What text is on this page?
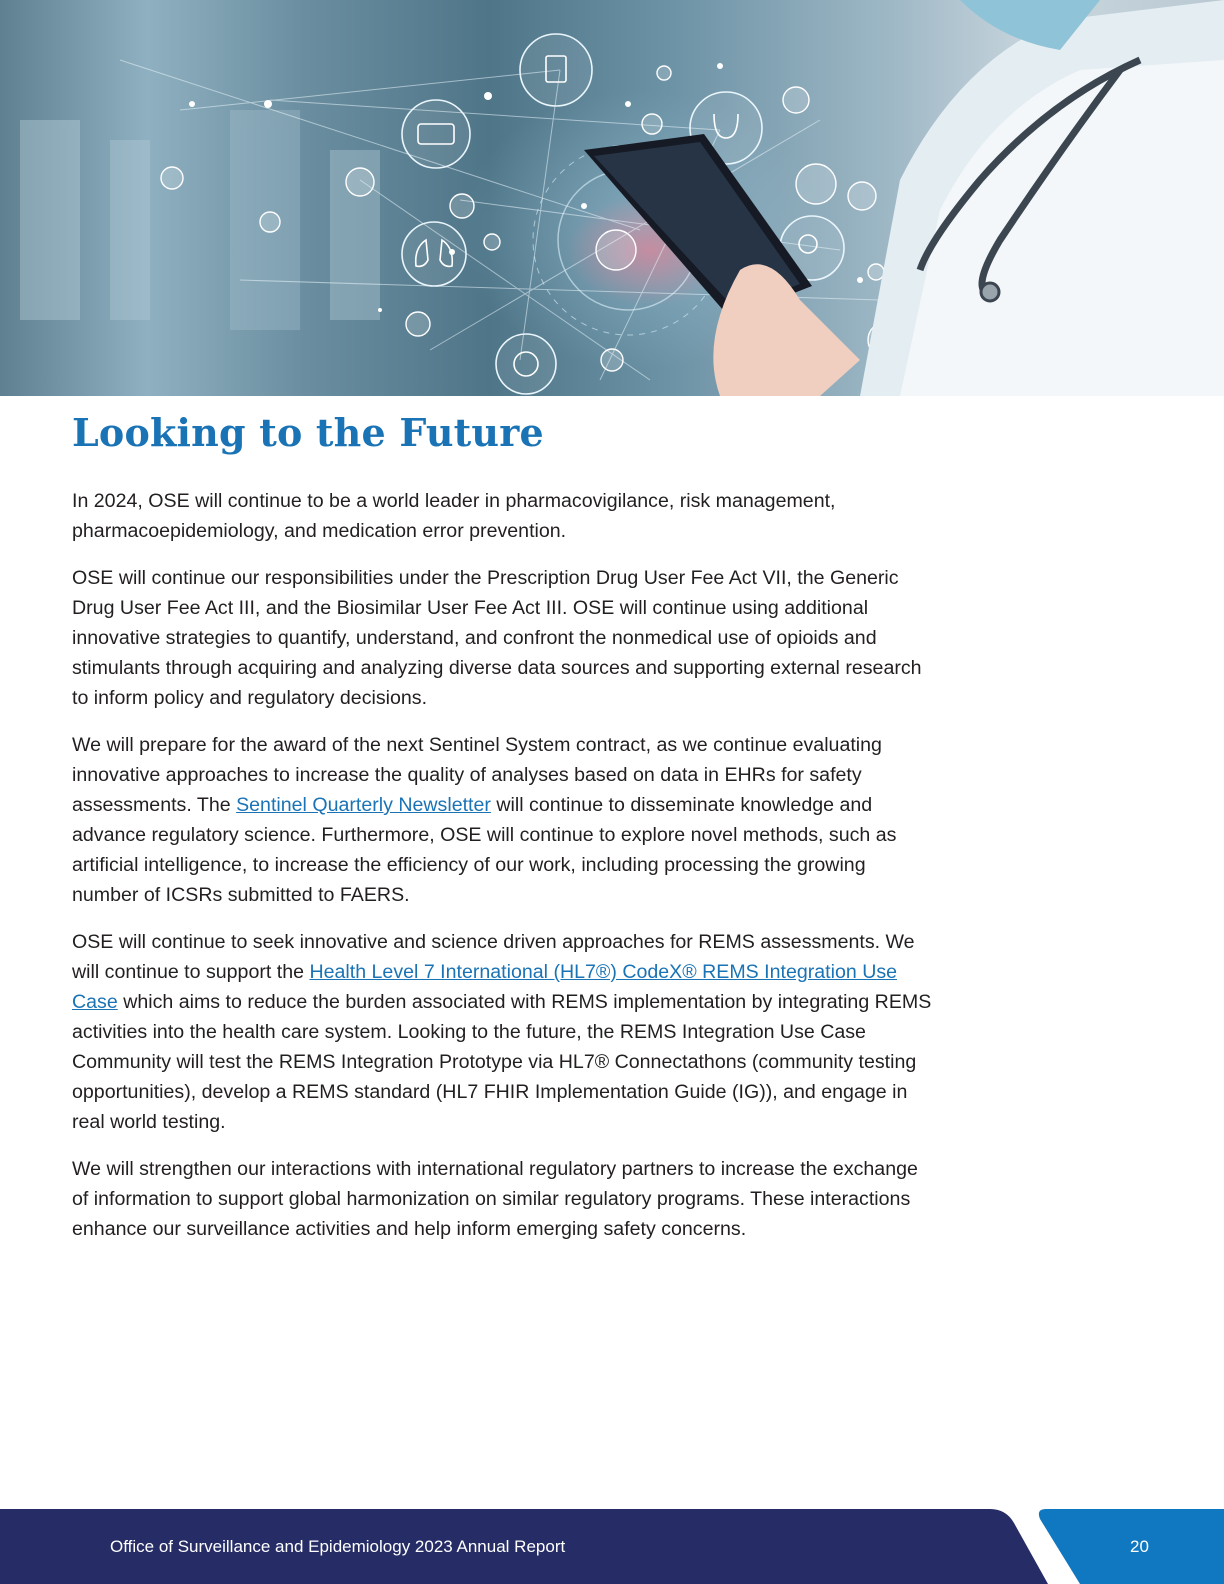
Looking to the Future

In 2024, OSE will continue to be a world leader in pharmacovigilance, risk management, pharmacoepidemiology, and medication error prevention.

OSE will continue our responsibilities under the Prescription Drug User Fee Act VII, the Generic Drug User Fee Act III, and the Biosimilar User Fee Act III. OSE will continue using additional innovative strategies to quantify, understand, and confront the nonmedical use of opioids and stimulants through acquiring and analyzing diverse data sources and supporting external research to inform policy and regulatory decisions.

We will prepare for the award of the next Sentinel System contract, as we continue evaluating innovative approaches to increase the quality of analyses based on data in EHRs for safety assessments. The Sentinel Quarterly Newsletter will continue to disseminate knowledge and advance regulatory science. Furthermore, OSE will continue to explore novel methods, such as artificial intelligence, to increase the efficiency of our work, including processing the growing number of ICSRs submitted to FAERS.

OSE will continue to seek innovative and science driven approaches for REMS assessments. We will continue to support the Health Level 7 International (HL7®) CodeX® REMS Integration Use Case which aims to reduce the burden associated with REMS implementation by integrating REMS activities into the health care system. Looking to the future, the REMS Integration Use Case Community will test the REMS Integration Prototype via HL7® Connectathons (community testing opportunities), develop a REMS standard (HL7 FHIR Implementation Guide (IG)), and engage in real world testing.

We will strengthen our interactions with international regulatory partners to increase the exchange of information to support global harmonization on similar regulatory programs. These interactions enhance our surveillance activities and help inform emerging safety concerns.

Office of Surveillance and Epidemiology 2023 Annual Report	20
